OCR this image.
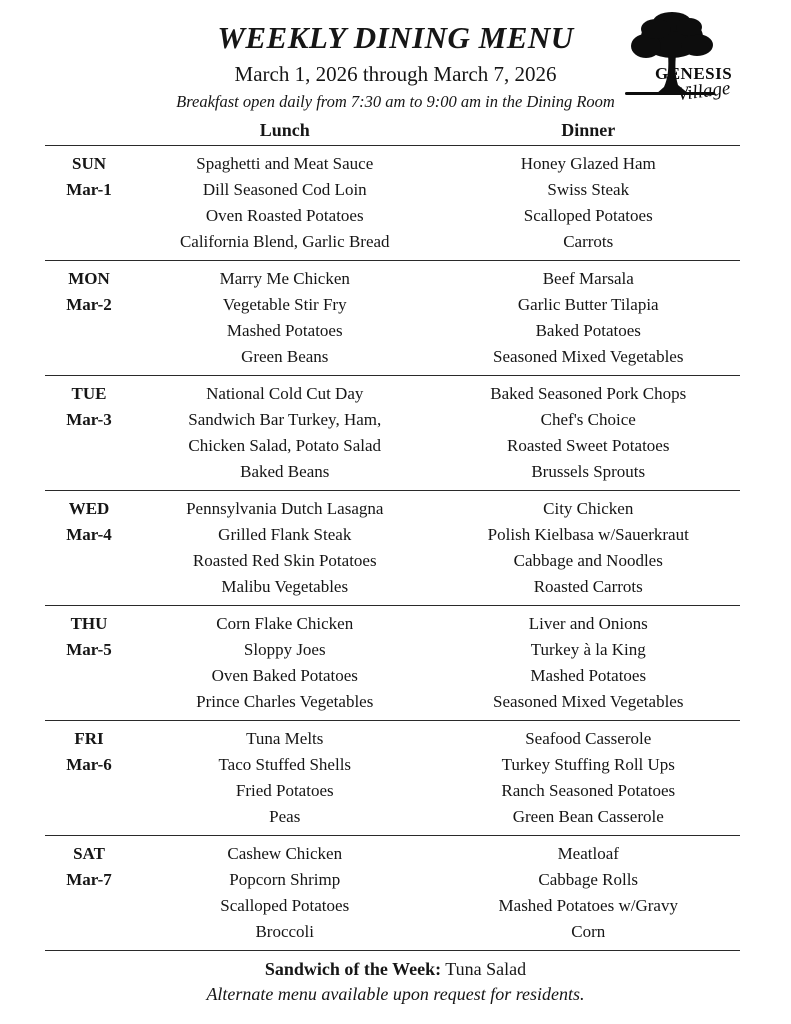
WEEKLY DINING MENU
March 1, 2026 through March 7, 2026
Breakfast open daily from 7:30 am to 9:00 am in the Dining Room
GENESIS
Village
Lunch	Dinner
SUN
Mar-1
Spaghetti and Meat Sauce
Dill Seasoned Cod Loin
Oven Roasted Potatoes
California Blend, Garlic Bread
Honey Glazed Ham
Swiss Steak
Scalloped Potatoes
Carrots
MON
Mar-2
Marry Me Chicken
Vegetable Stir Fry
Mashed Potatoes
Green Beans
Beef Marsala
Garlic Butter Tilapia
Baked Potatoes
Seasoned Mixed Vegetables
TUE
Mar-3
National Cold Cut Day
Sandwich Bar Turkey, Ham,
Chicken Salad, Potato Salad
Baked Beans
Baked Seasoned Pork Chops
Chef's Choice
Roasted Sweet Potatoes
Brussels Sprouts
WED
Mar-4
Pennsylvania Dutch Lasagna
Grilled Flank Steak
Roasted Red Skin Potatoes
Malibu Vegetables
City Chicken
Polish Kielbasa w/Sauerkraut
Cabbage and Noodles
Roasted Carrots
THU
Mar-5
Corn Flake Chicken
Sloppy Joes
Oven Baked Potatoes
Prince Charles Vegetables
Liver and Onions
Turkey à la King
Mashed Potatoes
Seasoned Mixed Vegetables
FRI
Mar-6
Tuna Melts
Taco Stuffed Shells
Fried Potatoes
Peas
Seafood Casserole
Turkey Stuffing Roll Ups
Ranch Seasoned Potatoes
Green Bean Casserole
SAT
Mar-7
Cashew Chicken
Popcorn Shrimp
Scalloped Potatoes
Broccoli
Meatloaf
Cabbage Rolls
Mashed Potatoes w/Gravy
Corn
Sandwich of the Week: Tuna Salad
Alternate menu available upon request for residents.
